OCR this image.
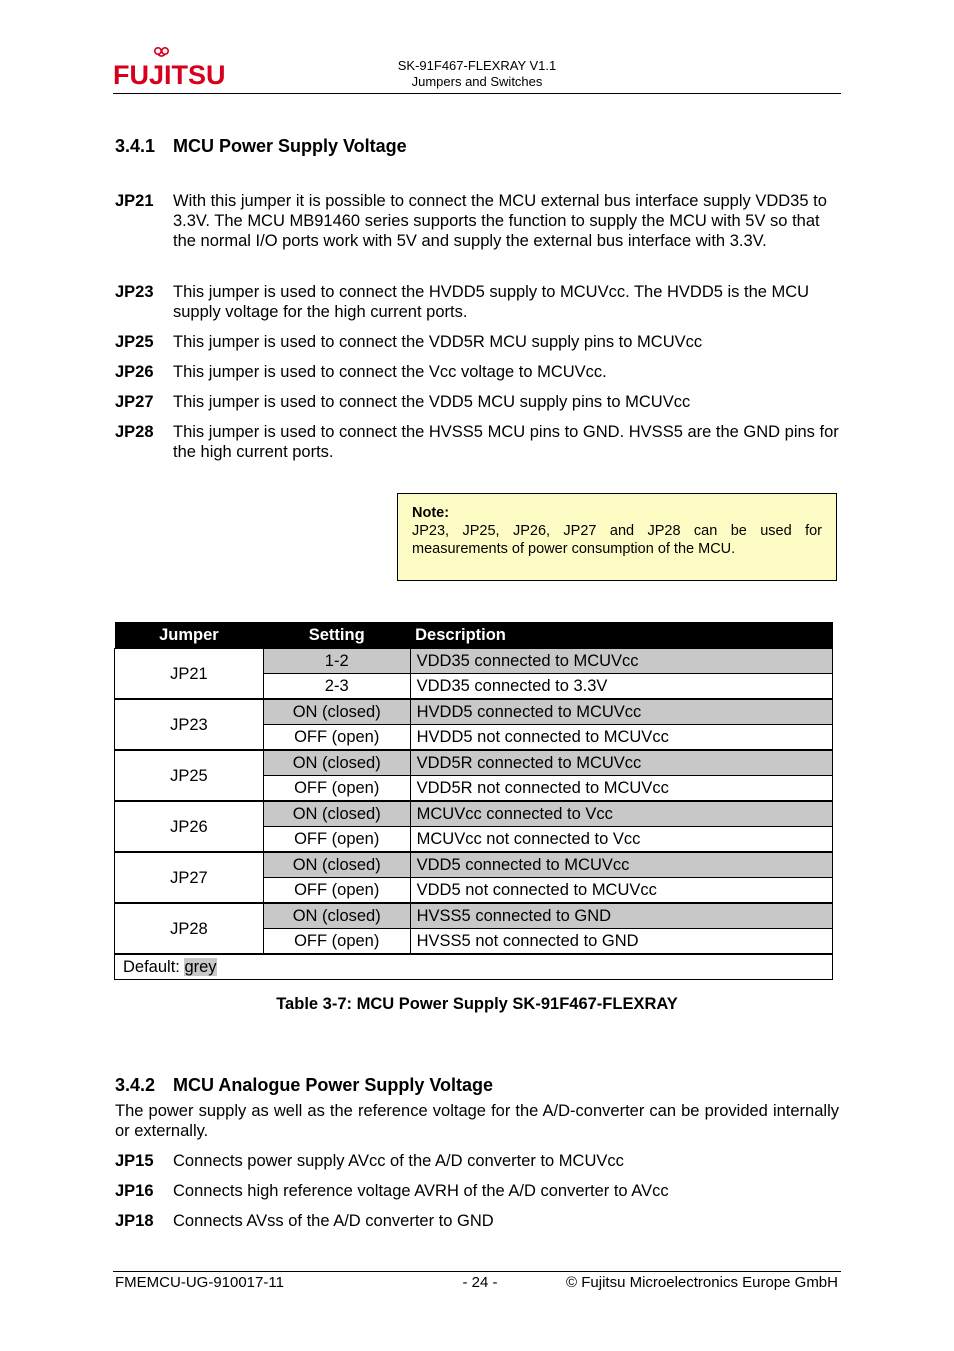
FUJITSU	SK-91F467-FLEXRAY V1.1
Jumpers and Switches
3.4.1 MCU Power Supply Voltage
JP21 With this jumper it is possible to connect the MCU external bus interface supply VDD35 to 3.3V. The MCU MB91460 series supports the function to supply the MCU with 5V so that the normal I/O ports work with 5V and supply the external bus interface with 3.3V.
JP23 This jumper is used to connect the HVDD5 supply to MCUVcc. The HVDD5 is the MCU supply voltage for the high current ports.
JP25 This jumper is used to connect the VDD5R MCU supply pins to MCUVcc
JP26 This jumper is used to connect the Vcc voltage to MCUVcc.
JP27 This jumper is used to connect the VDD5 MCU supply pins to MCUVcc
JP28 This jumper is used to connect the HVSS5 MCU pins to GND. HVSS5 are the GND pins for the high current ports.
Note:
JP23, JP25, JP26, JP27 and JP28 can be used for
measurements of power consumption of the MCU.
Jumper	Setting	Description
JP21	1-2	VDD35 connected to MCUVcc
	2-3	VDD35 connected to 3.3V
JP23	ON (closed)	HVDD5 connected to MCUVcc
	OFF (open)	HVDD5 not connected to MCUVcc
JP25	ON (closed)	VDD5R connected to MCUVcc
	OFF (open)	VDD5R not connected to MCUVcc
JP26	ON (closed)	MCUVcc connected to Vcc
	OFF (open)	MCUVcc not connected to Vcc
JP27	ON (closed)	VDD5 connected to MCUVcc
	OFF (open)	VDD5 not connected to MCUVcc
JP28	ON (closed)	HVSS5 connected to GND
	OFF (open)	HVSS5 not connected to GND
Default: grey		
Table 3-7: MCU Power Supply SK-91F467-FLEXRAY
3.4.2 MCU Analogue Power Supply Voltage
The power supply as well as the reference voltage for the A/D-converter can be provided internally or externally.
JP15 Connects power supply AVcc of the A/D converter to MCUVcc
JP16 Connects high reference voltage AVRH of the A/D converter to AVcc
JP18 Connects AVss of the A/D converter to GND
FMEMCU-UG-910017-11	- 24 -	© Fujitsu Microelectronics Europe GmbH
